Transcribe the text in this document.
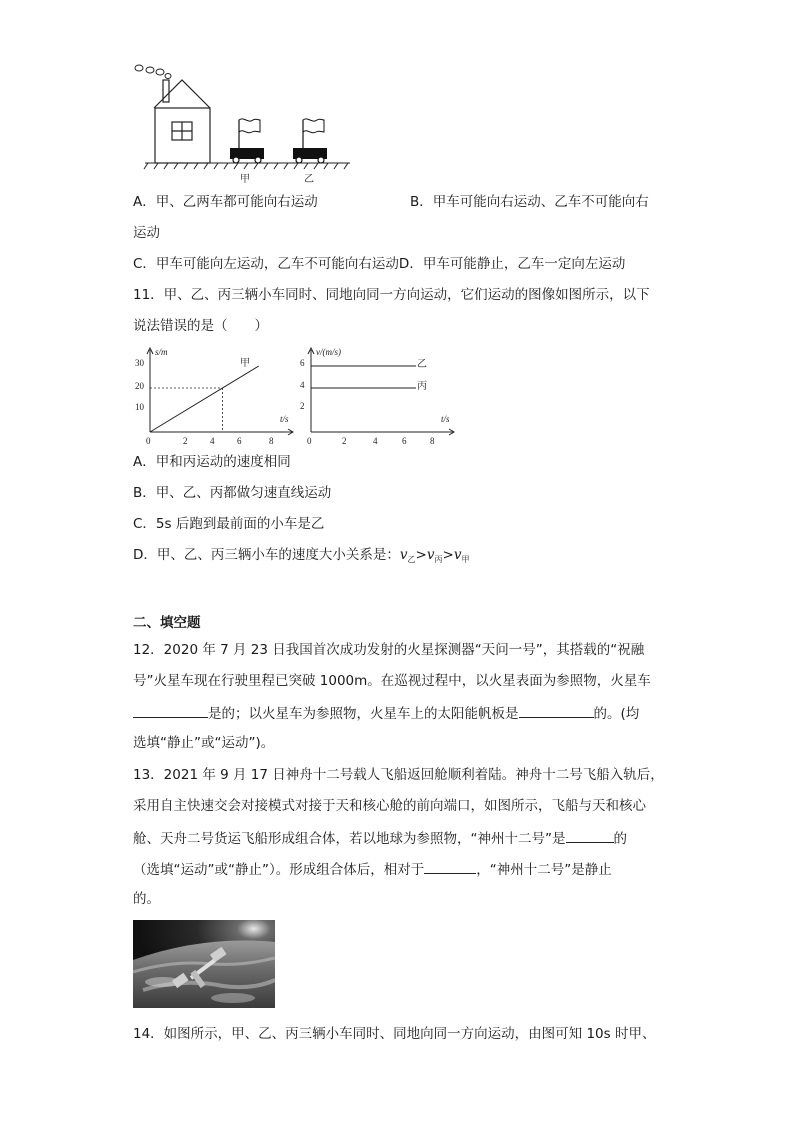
甲	乙
A．甲、乙两车都可能向右运动	B．甲车可能向右运动、乙车不可能向右
运动
C．甲车可能向左运动，乙车不可能向右运动D．甲车可能静止，乙车一定向左运动
11．甲、乙、丙三辆小车同时、同地向同一方向运动，它们运动的图像如图所示，以下
说法错误的是（　　）
s/m
t/s
0	2	4	6	8
10
20
30	甲
v/(m/s)
t/s
0	2	4	6	8
2
4
6	乙
丙
A．甲和丙运动的速度相同
B．甲、乙、丙都做匀速直线运动
C．5s 后跑到最前面的小车是乙
D．甲、乙、丙三辆小车的速度大小关系是：$v_乙>v_丙>v_甲$
二、填空题
12．2020 年 7 月 23 日我国首次成功发射的火星探测器“天问一号”，其搭载的“祝融
号”火星车现在行驶里程已突破 1000m。在巡视过程中，以火星表面为参照物，火星车
是的；以火星车为参照物，火星车上的太阳能帆板是	的。(均
选填“静止”或“运动”)。
13．2021 年 9 月 17 日神舟十二号载人飞船返回舱顺利着陆。神舟十二号飞船入轨后，
采用自主快速交会对接模式对接于天和核心舱的前向端口，如图所示，飞船与天和核心
舱、天舟二号货运飞船形成组合体，若以地球为参照物，“神州十二号”是	的
（选填“运动”或“静止”）。形成组合体后，相对于	，“神州十二号”是静止
的。
14．如图所示，甲、乙、丙三辆小车同时、同地向同一方向运动，由图可知 10s 时甲、
